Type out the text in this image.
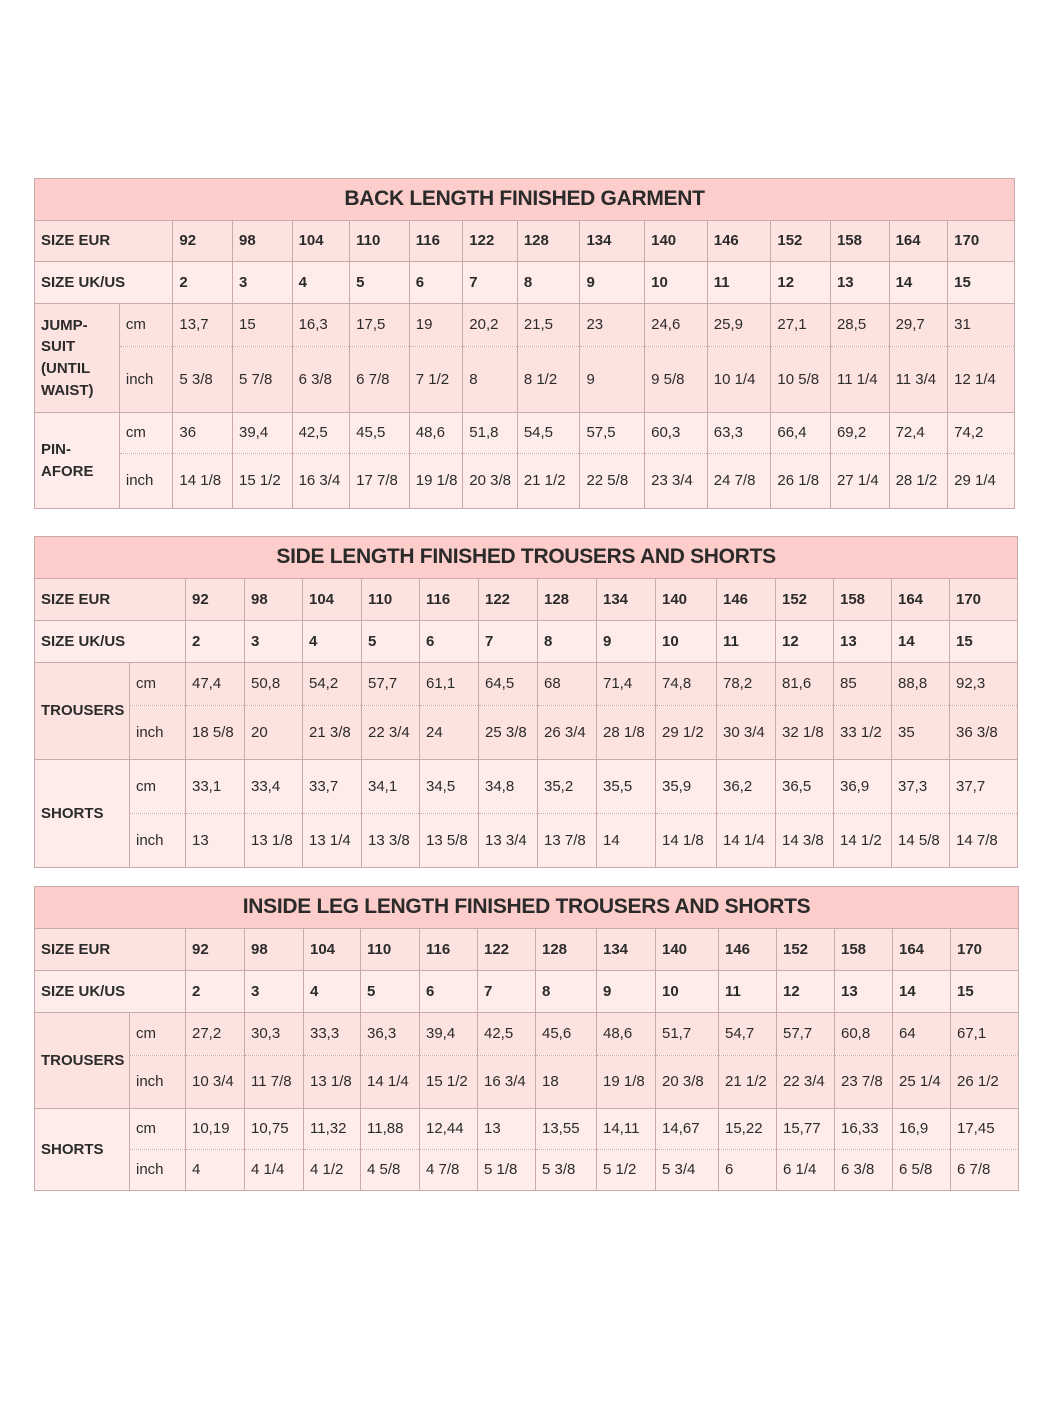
BACK LENGTH FINISHED GARMENT															
SIZE EUR		92	98	104	110	116	122	128	134	140	146	152	158	164	170
SIZE UK/US		2	3	4	5	6	7	8	9	10	11	12	13	14	15
JUMP-
SUIT
(UNTIL
WAIST)	cm	13,7	15	16,3	17,5	19	20,2	21,5	23	24,6	25,9	27,1	28,5	29,7	31
	inch	5 3/8	5 7/8	6 3/8	6 7/8	7 1/2	8	8 1/2	9	9 5/8	10 1/4	10 5/8	11 1/4	11 3/4	12 1/4
PIN-
AFORE	cm	36	39,4	42,5	45,5	48,6	51,8	54,5	57,5	60,3	63,3	66,4	69,2	72,4	74,2
	inch	14 1/8	15 1/2	16 3/4	17 7/8	19 1/8	20 3/8	21 1/2	22 5/8	23 3/4	24 7/8	26 1/8	27 1/4	28 1/2	29 1/4
SIDE LENGTH FINISHED TROUSERS AND SHORTS															
SIZE EUR		92	98	104	110	116	122	128	134	140	146	152	158	164	170
SIZE UK/US		2	3	4	5	6	7	8	9	10	11	12	13	14	15
TROUSERS	cm	47,4	50,8	54,2	57,7	61,1	64,5	68	71,4	74,8	78,2	81,6	85	88,8	92,3
	inch	18 5/8	20	21 3/8	22 3/4	24	25 3/8	26 3/4	28 1/8	29 1/2	30 3/4	32 1/8	33 1/2	35	36 3/8
SHORTS	cm	33,1	33,4	33,7	34,1	34,5	34,8	35,2	35,5	35,9	36,2	36,5	36,9	37,3	37,7
	inch	13	13 1/8	13 1/4	13 3/8	13 5/8	13 3/4	13 7/8	14	14 1/8	14 1/4	14 3/8	14 1/2	14 5/8	14 7/8
INSIDE LEG LENGTH FINISHED TROUSERS AND SHORTS															
SIZE EUR		92	98	104	110	116	122	128	134	140	146	152	158	164	170
SIZE UK/US		2	3	4	5	6	7	8	9	10	11	12	13	14	15
TROUSERS	cm	27,2	30,3	33,3	36,3	39,4	42,5	45,6	48,6	51,7	54,7	57,7	60,8	64	67,1
	inch	10 3/4	11 7/8	13 1/8	14 1/4	15 1/2	16 3/4	18	19 1/8	20 3/8	21 1/2	22 3/4	23 7/8	25 1/4	26 1/2
SHORTS	cm	10,19	10,75	11,32	11,88	12,44	13	13,55	14,11	14,67	15,22	15,77	16,33	16,9	17,45
	inch	4	4 1/4	4 1/2	4 5/8	4 7/8	5 1/8	5 3/8	5 1/2	5 3/4	6	6 1/4	6 3/8	6 5/8	6 7/8
